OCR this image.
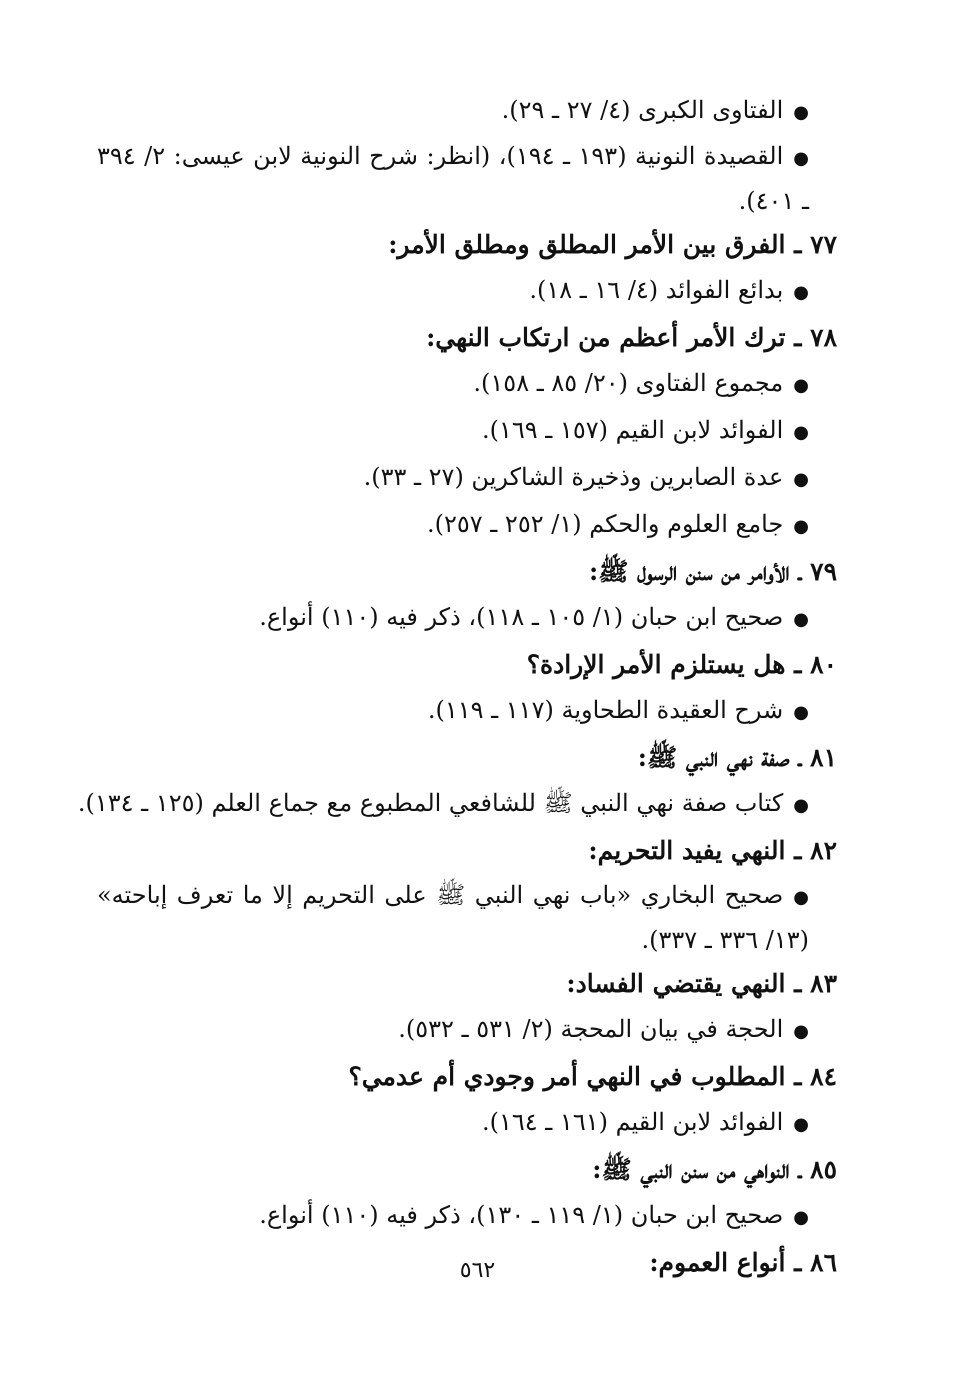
●الفتاوى الكبرى (٤/ ٢٧ ـ ٢٩).
●القصيدة النونية (١٩٣ ـ ١٩٤)، (انظر: شرح النونية لابن عيسى: ٢/ ٣٩٤ ـ ٤٠١).
٧٧ ـ الفرق بين الأمر المطلق ومطلق الأمر:
●بدائع الفوائد (٤/ ١٦ ـ ١٨).
٧٨ ـ ترك الأمر أعظم من ارتكاب النهي:
●مجموع الفتاوى (٢٠/ ٨٥ ـ ١٥٨).
●الفوائد لابن القيم (١٥٧ ـ ١٦٩).
●عدة الصابرين وذخيرة الشاكرين (٢٧ ـ ٣٣).
●جامع العلوم والحكم (١/ ٢٥٢ ـ ٢٥٧).
٧٩ ـ الأوامر من سنن الرسول ﷺ:
●صحيح ابن حبان (١/ ١٠٥ ـ ١١٨)، ذكر فيه (١١٠) أنواع.
٨٠ ـ هل يستلزم الأمر الإرادة؟
●شرح العقيدة الطحاوية (١١٧ ـ ١١٩).
٨١ ـ صفة نهي النبي ﷺ:
●كتاب صفة نهي النبي ﷺ للشافعي المطبوع مع جماع العلم (١٢٥ ـ ١٣٤).
٨٢ ـ النهي يفيد التحريم:
●صحيح البخاري «باب نهي النبي ﷺ على التحريم إلا ما تعرف إباحته» (١٣/ ٣٣٦ ـ ٣٣٧).
٨٣ ـ النهي يقتضي الفساد:
●الحجة في بيان المحجة (٢/ ٥٣١ ـ ٥٣٢).
٨٤ ـ المطلوب في النهي أمر وجودي أم عدمي؟
●الفوائد لابن القيم (١٦١ ـ ١٦٤).
٨٥ ـ النواهي من سنن النبي ﷺ:
●صحيح ابن حبان (١/ ١١٩ ـ ١٣٠)، ذكر فيه (١١٠) أنواع.
٨٦ ـ أنواع العموم:
٥٦٢
